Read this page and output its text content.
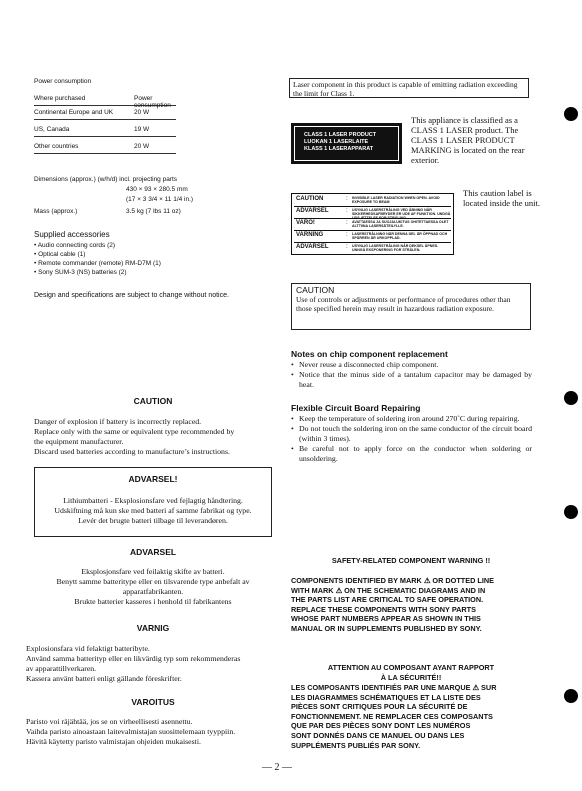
Power consumption
Where purchased	Power consumption
Continental Europe and UK	20 W
US, Canada	19 W
Other countries	20 W
Dimensions (approx.) (w/h/d) incl. projecting parts
430 × 93 × 280.5 mm
(17 × 3 3/4 × 11 1/4 in.)
Mass (approx.)	3.5 kg (7 lbs 11 oz)
Supplied accessories
• Audio connecting cords (2)
• Optical cable (1)
• Remote commander (remote) RM-D7M (1)
• Sony SUM-3 (NS) batteries (2)
Design and specifications are subject to change without notice.
Laser component in this product is capable of emitting radiation exceeding the limit for Class 1.
CLASS 1 LASER PRODUCT
LUOKAN 1 LASERLAITE
KLASS 1 LASERAPPARAT
This appliance is classified as a CLASS 1 LASER product. The CLASS 1 LASER PRODUCT MARKING is located on the rear exterior.
CAUTION	: INVISIBLE LASER RADIATION WHEN OPEN. AVOID EXPOSURE TO BEAM
ADVARSEL	: USYNLIG LASERSTRÅLING VED ÅBNING NÅR SIKKERHEDSAFBRYDER ER UDE AF FUNKTION. UNDGÅ UDS ÆTTELSE FOR STRÅLING.
VARO!	: AVATTAESSA JA SUOJALUKITUS OHITETTAESSA OLET ALTTIINA LASERSÄTEILYLLE.
VARNING	: LASERSTRÅLNING NÄR DENNA DEL ÄR ÖPPNAD OCH SPÄRREN ÄR URKOPPLAD.
ADVARSEL	: USYNLIG LASERSTRÅLING NÅR DEKSEL ÅPNES. UNNGÅ EKSPONERING FOR STRÅLEN.
This caution label is located inside the unit.
CAUTION
Use of controls or adjustments or performance of procedures other than those specified herein may result in hazardous radiation exposure.
Notes on chip component replacement
• Never reuse a disconnected chip component.
• Notice that the minus side of a tantalum capacitor may be damaged by heat.
Flexible Circuit Board Repairing
• Keep the temperature of soldering iron around 270˚C during repairing.
• Do not touch the soldering iron on the same conductor of the circuit board (within 3 times).
• Be careful not to apply force on the conductor when soldering or unsoldering.
CAUTION
Danger of explosion if battery is incorrectly replaced.
Replace only with the same or equivalent type recommended by
the equipment manufacturer.
Discard used batteries according to manufacture’s instructions.
ADVARSEL!
Lithiumbatteri - Eksplosionsfare ved fejlagtig håndtering.
Udskiftning må kun ske med batteri af samme fabrikat og type.
Levér det brugte batteri tilbage til leverandøren.
ADVARSEL
Eksplosjonsfare ved feilaktig skifte av batteri.
Benytt samme batteritype eller en tilsvarende type anbefalt av
apparatfabrikanten.
Brukte batterier kasseres i henhold til fabrikantens
VARNIG
Explosionsfara vid felaktigt batteribyte.
Använd samma batterityp eller en likvärdig typ som rekommenderas
av apparattillverkaren.
Kassera använt batteri enligt gällande föreskrifter.
VAROITUS
Paristo voi räjähtää, jos se on virheellisesti asennettu.
Vaihda paristo ainoastaan laitevalmistajan suosittelemaan tyyppiin.
Hävitä käytetty paristo valmistajan ohjeiden mukaisesti.
SAFETY-RELATED COMPONENT WARNING !!
COMPONENTS IDENTIFIED BY MARK ⚠ OR DOTTED LINE
WITH MARK ⚠ ON THE SCHEMATIC DIAGRAMS AND IN
THE PARTS LIST ARE CRITICAL TO SAFE OPERATION.
REPLACE THESE COMPONENTS WITH SONY PARTS
WHOSE PART NUMBERS APPEAR AS SHOWN IN THIS
MANUAL OR IN SUPPLEMENTS PUBLISHED BY SONY.
ATTENTION AU COMPOSANT AYANT RAPPORT
À LA SÉCURITÉ!!
LES COMPOSANTS IDENTIFIÉS PAR UNE MARQUE ⚠ SUR
LES DIAGRAMMES SCHÉMATIQUES ET LA LISTE DES
PIÈCES SONT CRITIQUES POUR LA SÉCURITÉ DE
FONCTIONNEMENT. NE REMPLACER CES COMPOSANTS
QUE PAR DES PIÈCES SONY DONT LES NUMÉROS
SONT DONNÉS DANS CE MANUEL OU DANS LES
SUPPLÉMENTS PUBLIÉS PAR SONY.
— 2 —
